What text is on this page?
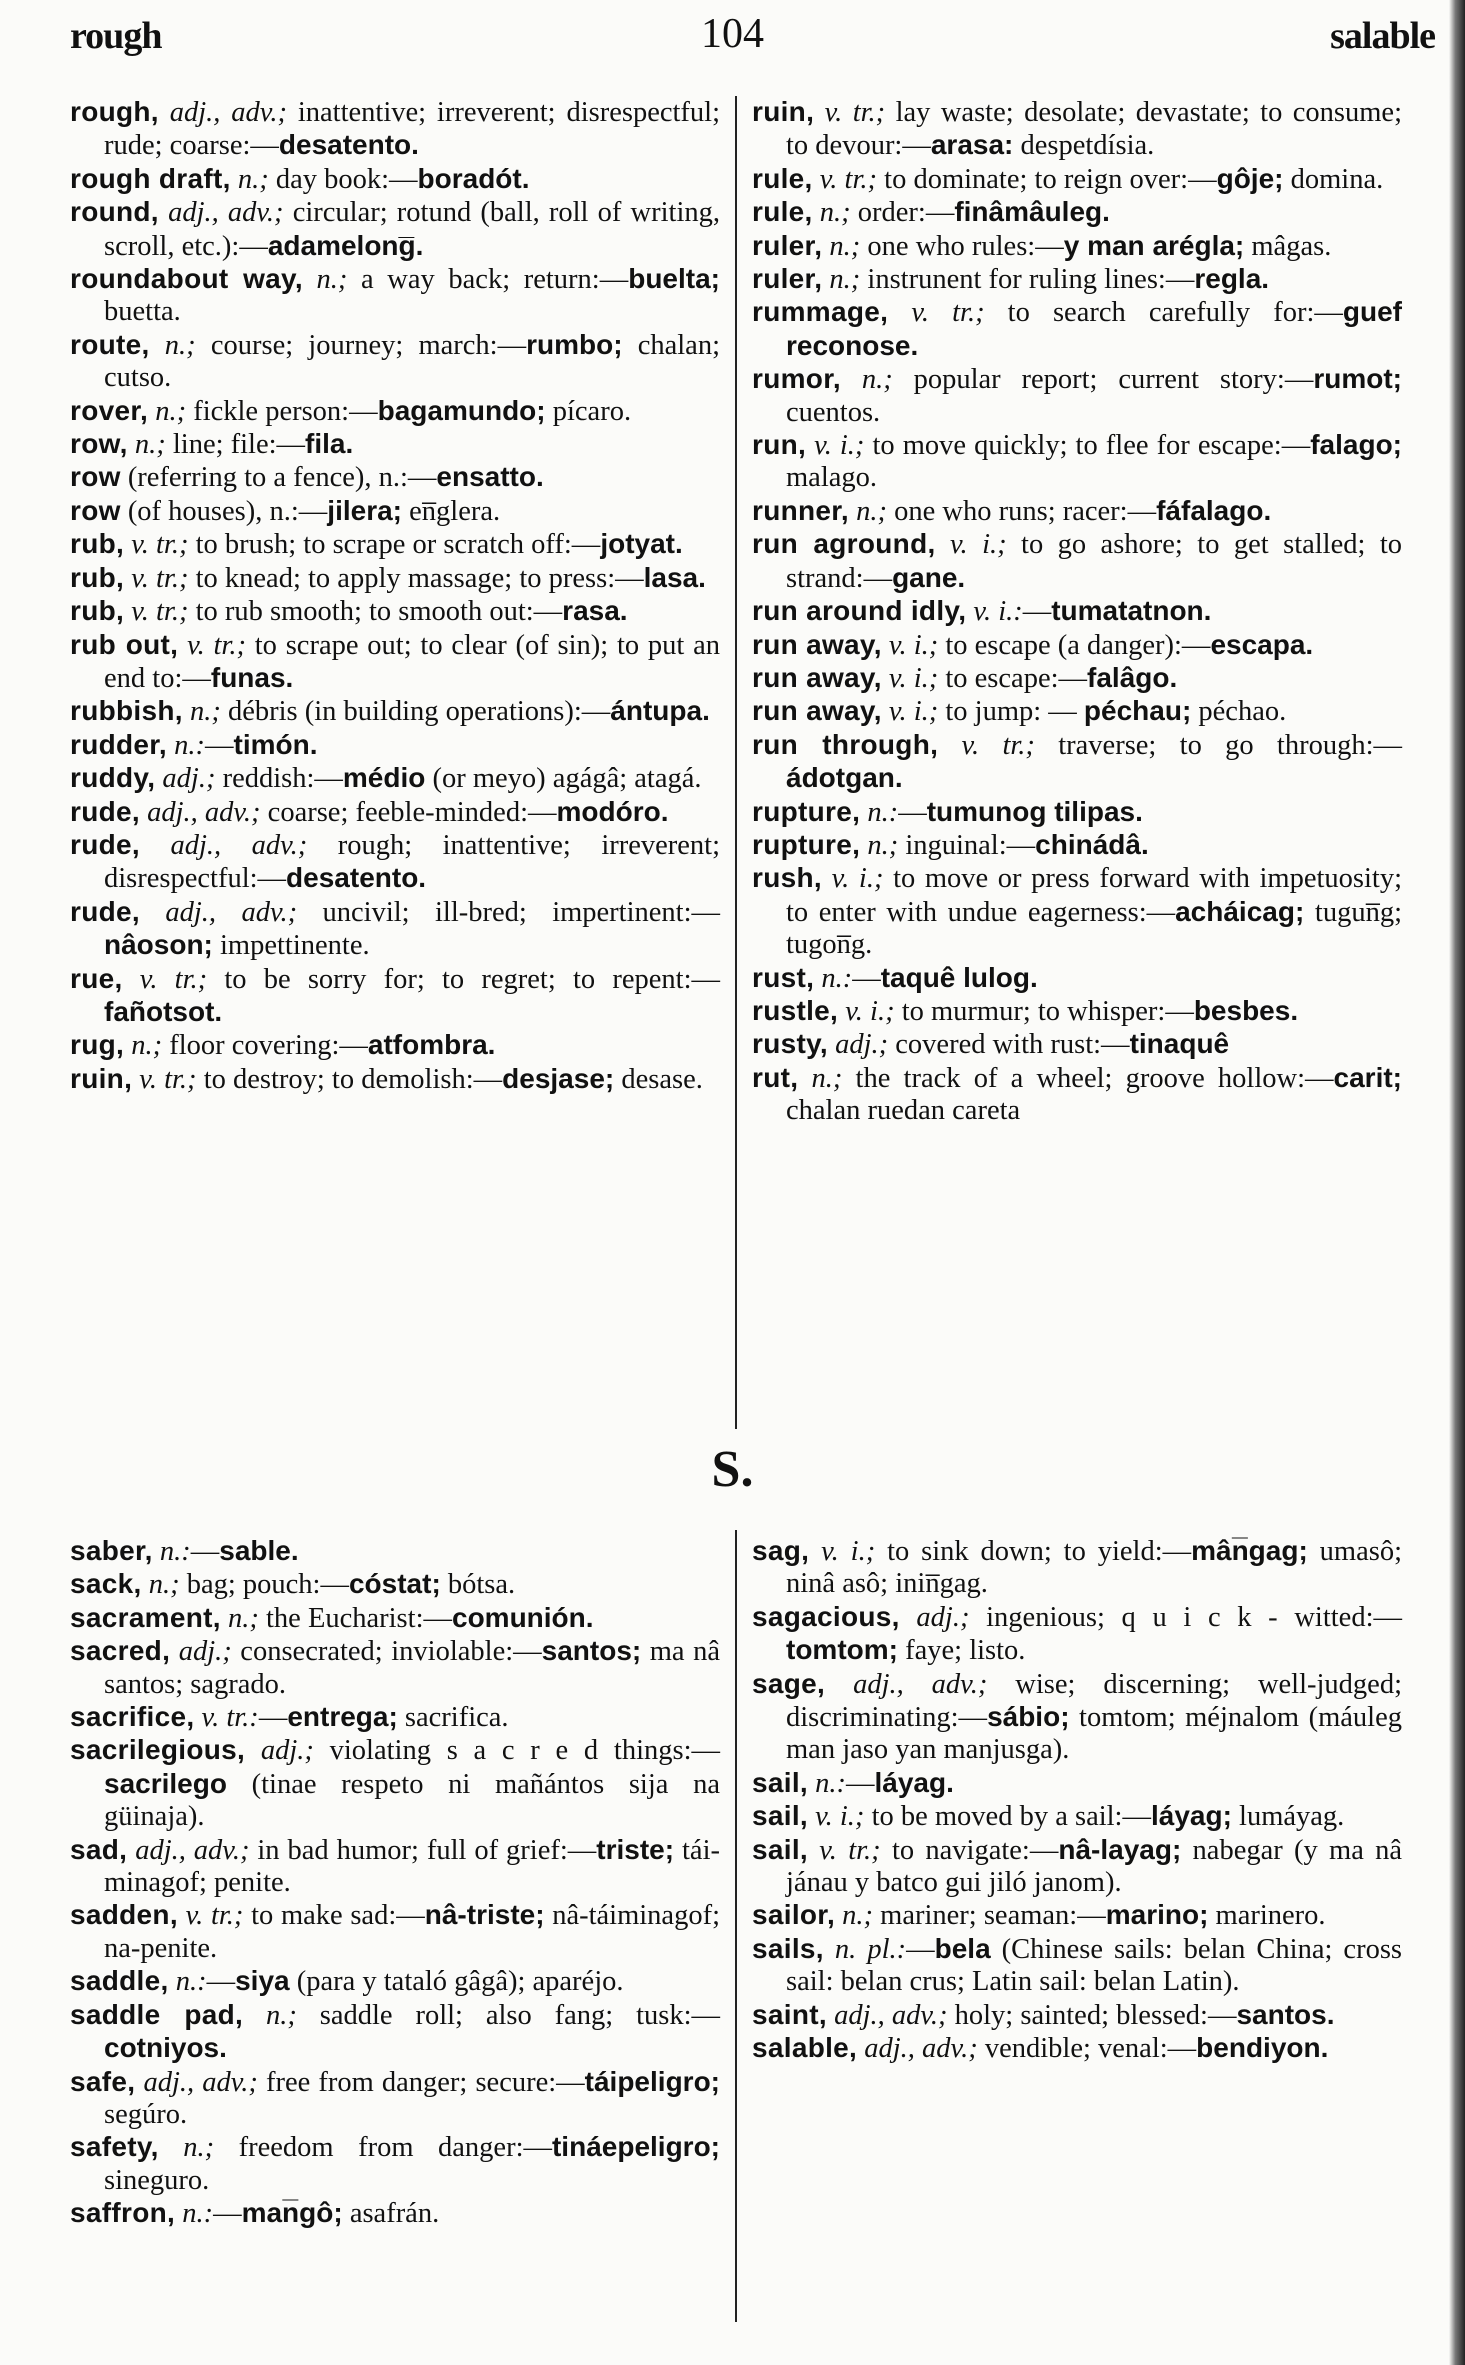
rough	104	salable
rough, adj., adv.; inattentive; irreverent; disrespectful; rude; coarse:—desatento.
rough draft, n.; day book:—boradót.
round, adj., adv.; circular; rotund (ball, roll of writing, scroll, etc.):—adamelong̅.
roundabout way, n.; a way back; return:—buelta; buetta.
route, n.; course; journey; march:—rumbo; chalan; cutso.
rover, n.; fickle person:—bagamundo; pícaro.
row, n.; line; file:—fila.
row (referring to a fence), n.:—ensatto.
row (of houses), n.:—jilera; en̅glera.
rub, v. tr.; to brush; to scrape or scratch off:—jotyat.
rub, v. tr.; to knead; to apply massage; to press:—lasa.
rub, v. tr.; to rub smooth; to smooth out:—rasa.
rub out, v. tr.; to scrape out; to clear (of sin); to put an end to:—funas.
rubbish, n.; débris (in building operations):—ántupa.
rudder, n.:—timón.
ruddy, adj.; reddish:—médio (or meyo) agágâ; atagá.
rude, adj., adv.; coarse; feeble-minded:—modóro.
rude, adj., adv.; rough; inattentive; irreverent; disrespectful:—desatento.
rude, adj., adv.; uncivil; ill-bred; impertinent:—nâoson; impettinente.
rue, v. tr.; to be sorry for; to regret; to repent:—fañotsot.
rug, n.; floor covering:—atfombra.
ruin, v. tr.; to destroy; to demolish:—desjase; desase.
ruin, v. tr.; lay waste; desolate; devastate; to consume; to devour:—arasa: despetdísia.
rule, v. tr.; to dominate; to reign over:—gôje; domina.
rule, n.; order:—finâmâuleg.
ruler, n.; one who rules:—y man arégla; mâgas.
ruler, n.; instrunent for ruling lines:—regla.
rummage, v. tr.; to search carefully for:—guef reconose.
rumor, n.; popular report; current story:—rumot; cuentos.
run, v. i.; to move quickly; to flee for escape:—falago; malago.
runner, n.; one who runs; racer:—fáfalago.
run aground, v. i.; to go ashore; to get stalled; to strand:—gane.
run around idly, v. i.:—tumatatnon.
run away, v. i.; to escape (a danger):—escapa.
run away, v. i.; to escape:—falâgo.
run away, v. i.; to jump: — péchau; péchao.
run through, v. tr.; traverse; to go through:—ádotgan.
rupture, n.:—tumunog tilipas.
rupture, n.; inguinal:—chinádâ.
rush, v. i.; to move or press forward with impetuosity; to enter with undue eagerness:—acháicag; tugun̅g; tugon̅g.
rust, n.:—taquê lulog.
rustle, v. i.; to murmur; to whisper:—besbes.
rusty, adj.; covered with rust:—tinaquê
rut, n.; the track of a wheel; groove hollow:—carit; chalan ruedan careta
S.
saber, n.:—sable.
sack, n.; bag; pouch:—cóstat; bótsa.
sacrament, n.; the Eucharist:—comunión.
sacred, adj.; consecrated; inviolable:—santos; ma nâ santos; sagrado.
sacrifice, v. tr.:—entrega; sacrifica.
sacrilegious, adj.; violating s a c r e d things:—sacrilego (tinae respeto ni mañántos sija na güinaja).
sad, adj., adv.; in bad humor; full of grief:—triste; tái-minagof; penite.
sadden, v. tr.; to make sad:—nâ-triste; nâ-táiminagof; na-penite.
saddle, n.:—siya (para y tataló gâgâ); aparéjo.
saddle pad, n.; saddle roll; also fang; tusk:—cotniyos.
safe, adj., adv.; free from danger; secure:—táipeligro; segúro.
safety, n.; freedom from danger:—tináepeligro; sineguro.
saffron, n.:—man̅gô; asafrán.
sag, v. i.; to sink down; to yield:—mân̅gag; umasô; ninâ asô; inin̅gag.
sagacious, adj.; ingenious; q u i c k - witted:—tomtom; faye; listo.
sage, adj., adv.; wise; discerning; well-judged; discriminating:—sábio; tomtom; méjnalom (máuleg man jaso yan manjusga).
sail, n.:—láyag.
sail, v. i.; to be moved by a sail:—láyag; lumáyag.
sail, v. tr.; to navigate:—nâ-layag; nabegar (y ma nâ jánau y batco gui jiló janom).
sailor, n.; mariner; seaman:—marino; marinero.
sails, n. pl.:—bela (Chinese sails: belan China; cross sail: belan crus; Latin sail: belan Latin).
saint, adj., adv.; holy; sainted; blessed:—santos.
salable, adj., adv.; vendible; venal:—bendiyon.
